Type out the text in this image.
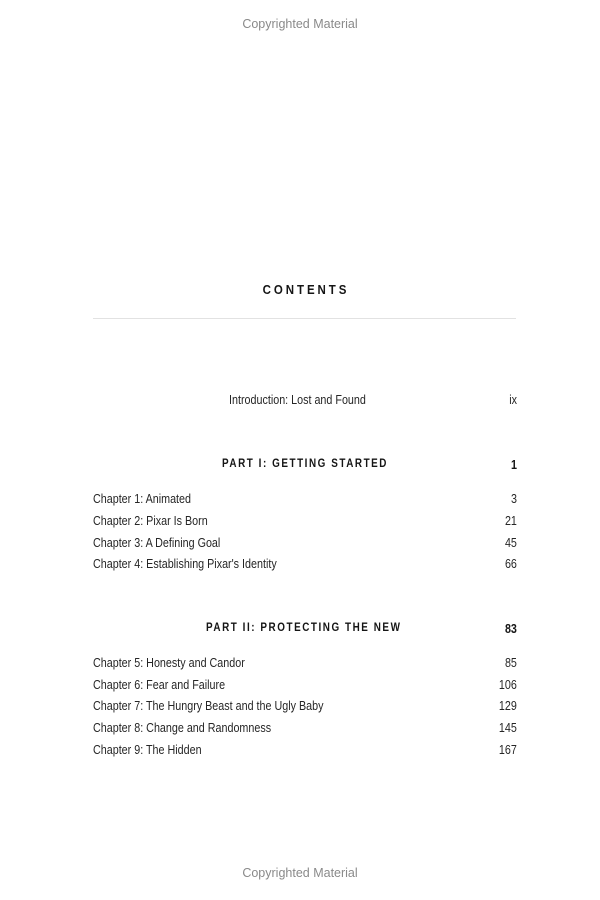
Copyrighted Material
CONTENTS
Introduction: Lost and Found	ix
PART I: GETTING STARTED	1
Chapter 1: Animated	3
Chapter 2: Pixar Is Born	21
Chapter 3: A Defining Goal	45
Chapter 4: Establishing Pixar's Identity	66
PART II: PROTECTING THE NEW	83
Chapter 5: Honesty and Candor	85
Chapter 6: Fear and Failure	106
Chapter 7: The Hungry Beast and the Ugly Baby	129
Chapter 8: Change and Randomness	145
Chapter 9: The Hidden	167
Copyrighted Material
